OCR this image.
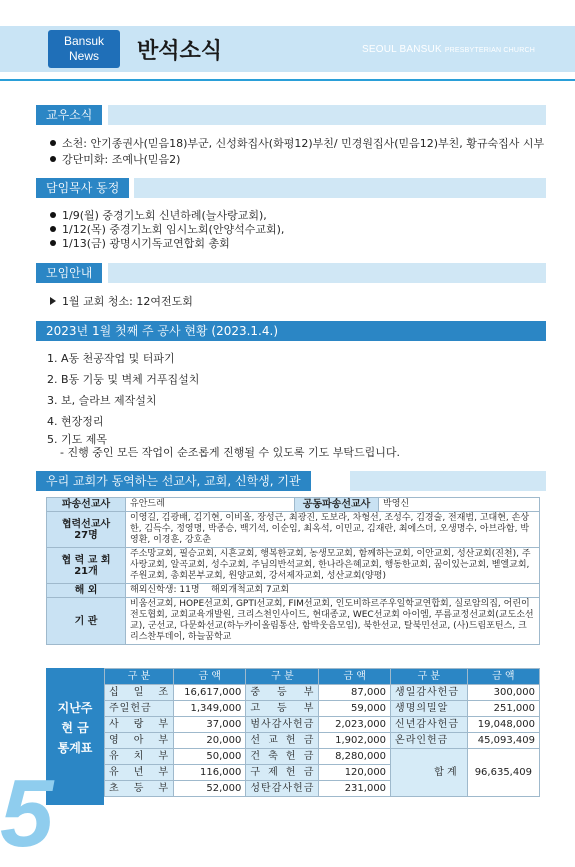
Bansuk
News	반석소식	SEOUL BANSUK PRESBYTERIAN CHURCH
교우소식
소천: 안기종권사(믿음18)부군, 신성화집사(화평12)부친/ 민경원집사(믿음12)부친, 황규숙집사 시부
강단미화: 조예나(믿음2)
담임목사 동정
1/9(월) 중경기노회 신년하례(늘사랑교회),
1/12(목) 중경기노회 임시노회(안양석수교회),
1/13(금) 광명시기독교연합회 총회
모임안내
1월 교회 청소: 12여전도회
2023년 1월 첫째 주 공사 현황 (2023.1.4.)
1. A동 천공작업 및 터파기
2. B동 기둥 및 벽체 거푸집설치
3. 보, 슬라브 제작설치
4. 현장정리
5. 기도 제목
- 진행 중인 모든 작업이 순조롭게 진행될 수 있도록 기도 부탁드립니다.
우리 교회가 동역하는 선교사, 교회, 신학생, 기관
파송선교사	유안드레	공동파송선교사	박영신

협력선교사
27명	이영길, 김광배, 김기현, 이비올, 장성근, 최광진, 도보라, 차형선, 조성수, 김경술, 전재범, 고대현, 손상한, 김득수, 정영명, 박종승, 백기석, 이순임, 최옥석, 이민교, 김재란, 최에스더, 오생명수, 아브라함, 박영환, 이경훈, 강호춘		

협 력 교 회
21개	주소망교회, 필승교회, 시흔교회, 행복한교회, 농생모교회, 함께하는교회, 이안교회, 성산교회(진천), 주사랑교회, 알곡교회, 성수교회, 주님의반석교회, 한나라은혜교회, 행동한교회, 꿈이있는교회, 벧엘교회, 주원교회, 총회본부교회, 원양교회, 강서제자교회, 성산교회(양평)		
해 외	해외신학생: 11명    해외개척교회 7교회		
기 관	비움선교회, HOPE선교회, GPTI선교회, FIM선교회, 인도비하르주우일학교연합회, 실로암의집, 어린이전도협회, 교회교육개발원, 크리스천인사이드, 현대종교, WEC선교회 아이엠, 푸름교정선교회(교도소선교), 군선교, 다문화선교(하누카이올림통산, 함박웃음모임), 북한선교, 탈북민선교, (사)드림포틴스, 크리스찬투데이, 하늘꿈학교		
지난주
현 금
통계표
구 분	금 액	구 분	금 액	구 분	금 액
십 일 조	16,617,000	중 등 부	87,000	생일감사헌금	300,000
주일헌금	1,349,000	고 등 부	59,000	생명의밀알	251,000
사 랑 부	37,000	범사감사헌금	2,023,000	신년감사헌금	19,048,000
영 아 부	20,000	선 교 헌 금	1,902,000	온라인헌금	45,093,409
유 치 부	50,000	건 축 헌 금	8,280,000	합 계	96,635,409
유 년 부	116,000	구 제 헌 금	120,000		
초 등 부	52,000	성탄감사헌금	231,000		
5
